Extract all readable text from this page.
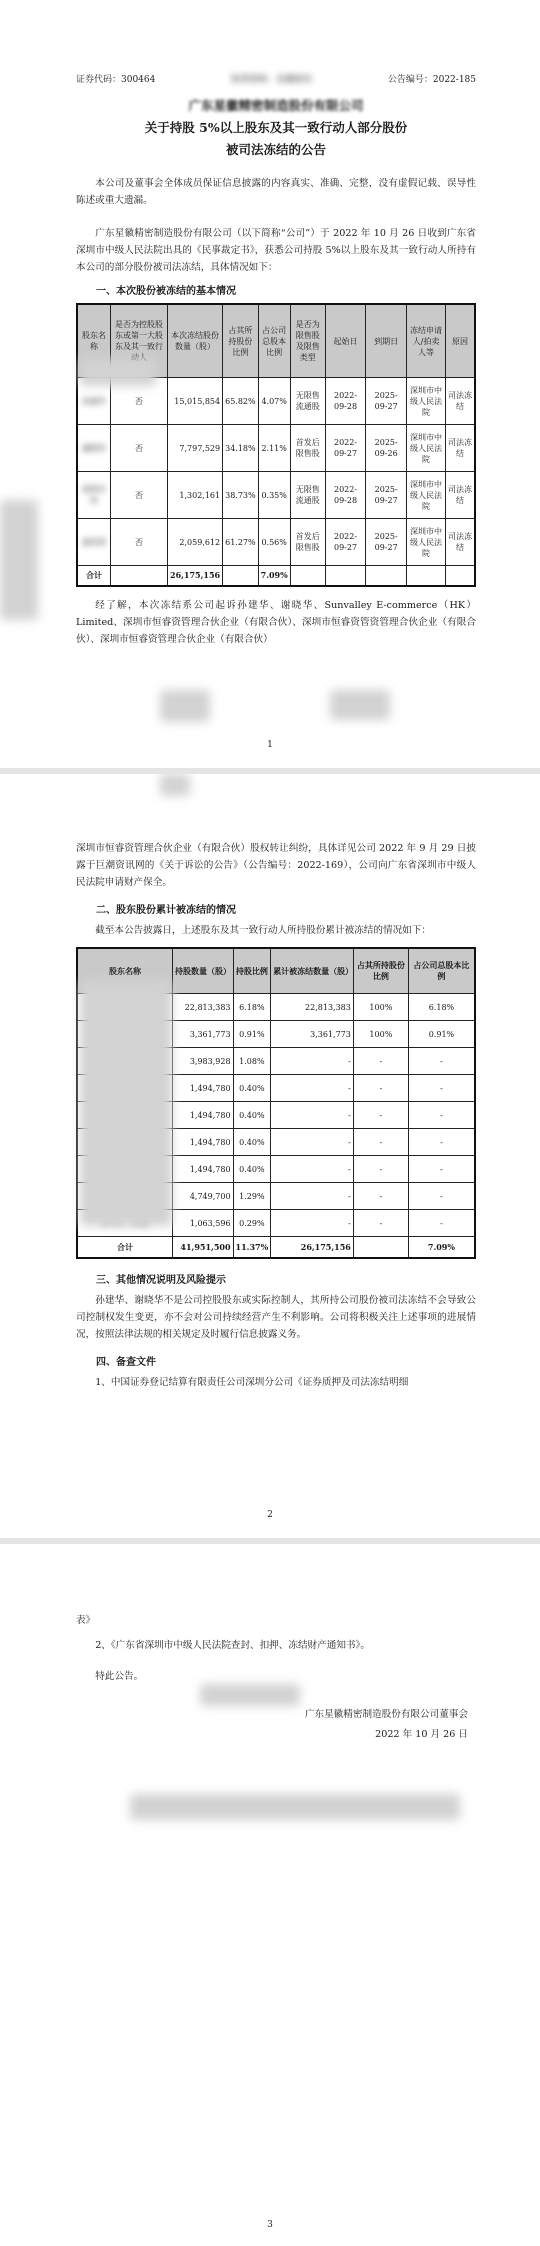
证券代码：300464	股票简称：星徽股份	公告编号：2022-185
广东星徽精密制造股份有限公司
关于持股 5%以上股东及其一致行动人部分股份
被司法冻结的公告

本公司及董事会全体成员保证信息披露的内容真实、准确、完整，没有虚假记载、误导性陈述或重大遗漏。

广东星徽精密制造股份有限公司（以下简称“公司”）于 2022 年 10 月 26 日收到广东省深圳市中级人民法院出具的《民事裁定书》，获悉公司持股 5%以上股东及其一致行动人所持有本公司的部分股份被司法冻结，具体情况如下：

一、本次股份被冻结的基本情况
股东名称	是否为控股股东或第一大股东及其一致行	本次冻结股份数量（股）	占其所持股份比例	占公司总股本比例	是否为限售股及限售类型	起始日	到期日	冻结申请人/拍卖人等	原因
孙建华	否	15,015,854	65.82%	4.07%	无限售流通股	2022-09-28	2025-09-27	深圳市中级人民法院	司法冻结
谢晓华	否	7,797,529	34.18%	2.11%	首发后限售股	2022-09-27	2025-09-26	深圳市中级人民法院	司法冻结
深圳市恒	否	1,302,161	38.73%	0.35%	无限售流通股	2022-09-28	2025-09-27	深圳市中级人民法院	司法冻结
睿资管	否	2,059,612	61.27%	0.56%	首发后限售股	2022-09-27	2025-09-27	深圳市中级人民法院	司法冻结
合计		26,175,156		7.09%					

经了解，本次冻结系公司起诉孙建华、谢晓华、Sunvalley E-commerce（HK）Limited、深圳市恒睿资管理合伙企业（有限合伙）、深圳市恒睿资管资管理合伙企业（有限合伙）、深圳市恒睿资管理合伙企业（有限合伙）

1

深圳市恒睿资管理合伙企业（有限合伙）股权转让纠纷，具体详见公司 2022 年 9 月 29 日披露于巨潮资讯网的《关于诉讼的公告》（公告编号：2022-169），公司向广东省深圳市中级人民法院申请财产保全。

二、股东股份累计被冻结的情况

截至本公告披露日，上述股东及其一致行动人所持股份累计被冻结的情况如下：

股东名称	持股数量（股）	持股比例	累计被冻结数量（股）	占其所持股份比例	占公司总股本比例
	22,813,383	6.18%	22,813,383	100%	6.18%
	3,361,773	0.91%	3,361,773	100%	0.91%
	3,983,928	1.08%	-	-	-
	1,494,780	0.40%	-	-	-
	1,494,780	0.40%	-	-	-
	1,494,780	0.40%	-	-	-
	1,494,780	0.40%	-	-	-
	4,749,700	1.29%	-	-	-
	1,063,596	0.29%	-	-	-
合计	41,951,500	11.37%	26,175,156		7.09%
三、其他情况说明及风险提示

孙建华、谢晓华不是公司控股股东或实际控制人，其所持公司股份被司法冻结不会导致公司控制权发生变更，亦不会对公司持续经营产生不利影响。公司将积极关注上述事项的进展情况，按照法律法规的相关规定及时履行信息披露义务。

四、备查文件

1、中国证券登记结算有限责任公司深圳分公司《证券质押及司法冻结明细

2

表》

2、《广东省深圳市中级人民法院查封、扣押、冻结财产通知书》。

特此公告。

广东星徽精密制造股份有限公司董事会
2022 年 10 月 26 日
3
